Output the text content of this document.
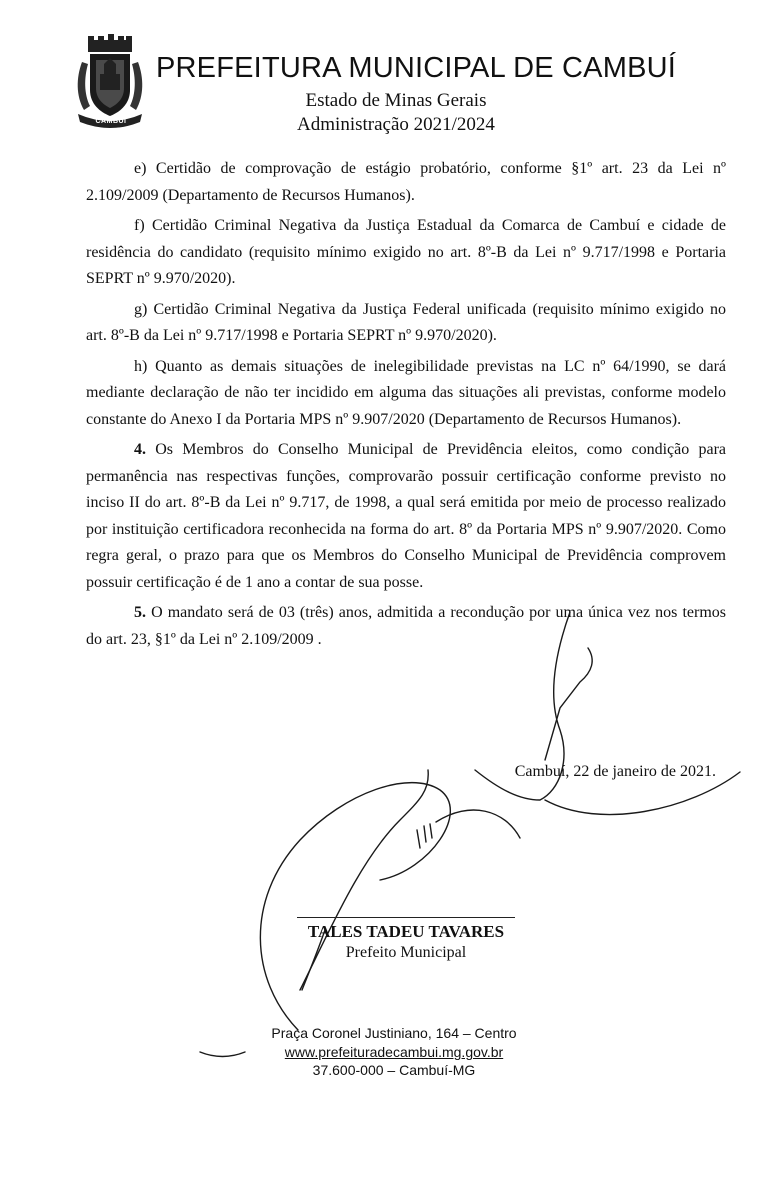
CAMBUÍ
PREFEITURA MUNICIPAL DE CAMBUÍ
Estado de Minas Gerais
Administração 2021/2024

e) Certidão de comprovação de estágio probatório, conforme §1º art. 23 da Lei nº 2.109/2009 (Departamento de Recursos Humanos).

f) Certidão Criminal Negativa da Justiça Estadual da Comarca de Cambuí e cidade de residência do candidato (requisito mínimo exigido no art. 8º-B da Lei nº 9.717/1998 e Portaria SEPRT nº 9.970/2020).

g) Certidão Criminal Negativa da Justiça Federal unificada (requisito mínimo exigido no art. 8º-B da Lei nº 9.717/1998 e Portaria SEPRT nº 9.970/2020).

h) Quanto as demais situações de inelegibilidade previstas na LC nº 64/1990, se dará mediante declaração de não ter incidido em alguma das situações ali previstas, conforme modelo constante do Anexo I da Portaria MPS nº 9.907/2020 (Departamento de Recursos Humanos).

4. Os Membros do Conselho Municipal de Previdência eleitos, como condição para permanência nas respectivas funções, comprovarão possuir certificação conforme previsto no inciso II do art. 8º-B da Lei nº 9.717, de 1998, a qual será emitida por meio de processo realizado por instituição certificadora reconhecida na forma do art. 8º da Portaria MPS nº 9.907/2020. Como regra geral, o prazo para que os Membros do Conselho Municipal de Previdência comprovem possuir certificação é de 1 ano a contar de sua posse.

5. O mandato será de 03 (três) anos, admitida a recondução por uma única vez nos termos do art. 23, §1º da Lei nº 2.109/2009 .

Cambuí, 22 de janeiro de 2021.
TALES TADEU TAVARES
Prefeito Municipal
Praça Coronel Justiniano, 164 – Centro
www.prefeituradecambui.mg.gov.br
37.600-000 – Cambuí-MG
